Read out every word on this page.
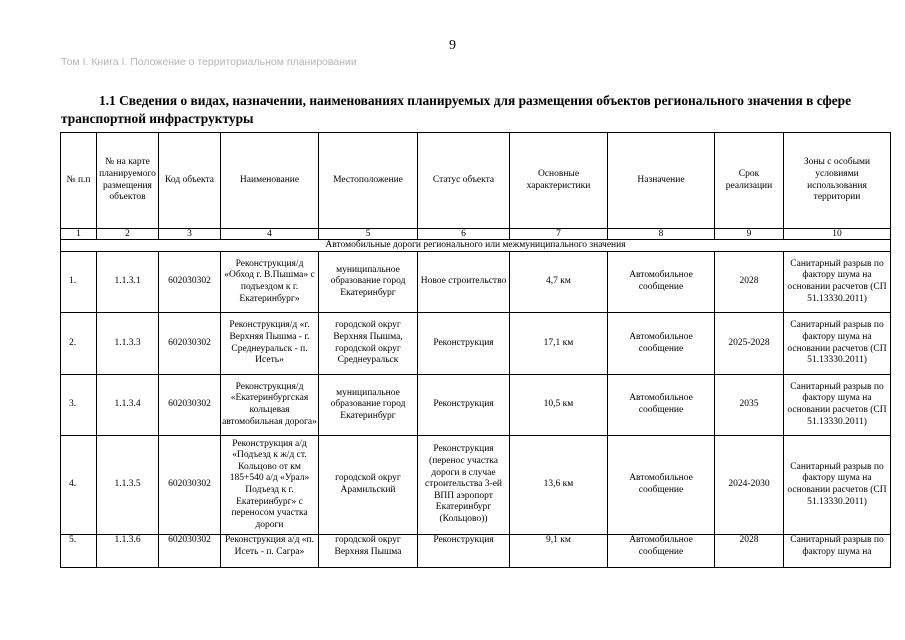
9
Том I. Книга I. Положение о территориальном планировании
1.1 Сведения о видах, назначении, наименованиях планируемых для размещения объектов регионального значения в сфере транспортной инфраструктуры
№ п.п	№ на карте планируемого размещения объектов	Код объекта	Наименование	Местоположение	Статус объекта	Основные характеристики	Назначение	Срок реализации	Зоны с особыми условиями использования территории
1	2	3	4	5	6	7	8	9	10
Автомобильные дороги регионального или межмуниципального значения									
1.	1.1.3.1	602030302	Реконструкция/д «Обход г. В.Пышма» с подъездом к г. Екатеринбург»	муниципальное образование город Екатеринбург	Новое строительство	4,7 км	Автомобильное сообщение	2028	Санитарный разрыв по фактору шума на основании расчетов (СП 51.13330.2011)
2.	1.1.3.3	602030302	Реконструкция/д «г. Верхняя Пышма - г. Среднеуральск - п. Исеть»	городской округ Верхняя Пышма, городской округ Среднеуральск	Реконструкция	17,1 км	Автомобильное сообщение	2025-2028	Санитарный разрыв по фактору шума на основании расчетов (СП 51.13330.2011)
3.	1.1.3.4	602030302	Реконструкция/д «Екатеринбургская кольцевая автомобильная дорога»	муниципальное образование город Екатеринбург	Реконструкция	10,5 км	Автомобильное сообщение	2035	Санитарный разрыв по фактору шума на основании расчетов (СП 51.13330.2011)
4.	1.1.3.5	602030302	Реконструкция а/д «Подъезд к ж/д ст. Кольцово от км 185+540 а/д «Урал» Подъезд к г. Екатеринбург» с переносом участка дороги	городской округ Арамильский	Реконструкция (перенос участка дороги в случае строительства 3-ей ВПП аэропорт Екатеринбург (Кольцово))	13,6 км	Автомобильное сообщение	2024-2030	Санитарный разрыв по фактору шума на основании расчетов (СП 51.13330.2011)
5.	1.1.3.6	602030302	Реконструкция а/д «п. Исеть - п. Сагра»	городской округ Верхняя Пышма	Реконструкция	9,1 км	Автомобильное сообщение	2028	Санитарный разрыв по фактору шума на
